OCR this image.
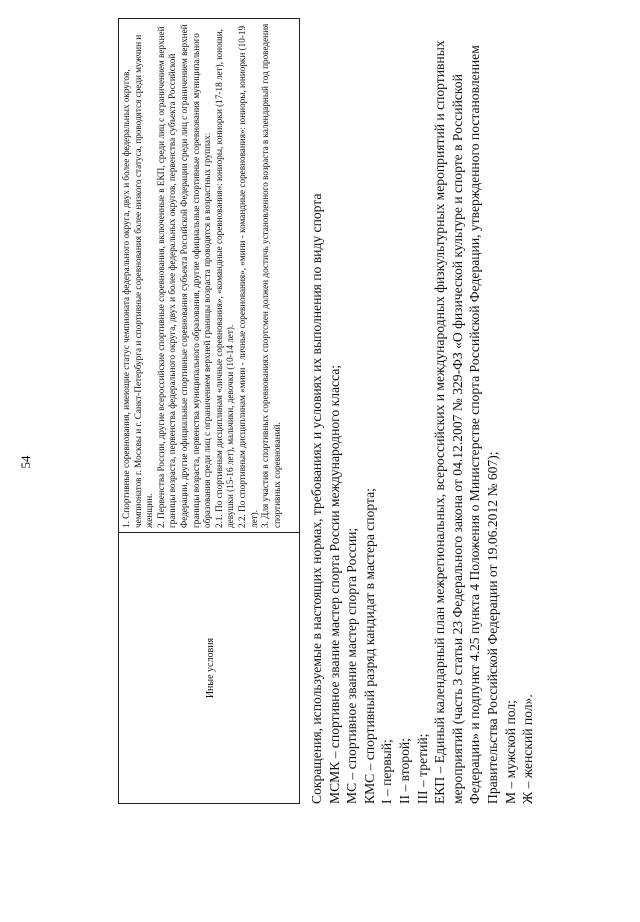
54
Иные условия

1. Спортивные соревнования, имеющие статус чемпионата федерального округа, двух и более федеральных округов, чемпионатов г. Москвы и г. Санкт-Петербурга и спортивные соревнования более низкого статуса, проводятся среди мужчин и женщин. 2. Первенства России, другие всероссийские спортивные соревнования, включенные в ЕКП, среди лиц с ограничением верхней границы возраста, первенства федерального округа, двух и более федеральных округов, первенства субъекта Российской Федерации, другие официальные спортивные соревнования субъекта Российской Федерации среди лиц с ограничением верхней границы возраста, первенства муниципального образования, другие официальные спортивные соревнования муниципального образования среди лиц с ограничением верхней границы возраста проводятся в возрастных группах: 2.1. По спортивным дисциплинам «личные соревнования», «командные соревнования»: юниоры, юниорки (17-18 лет), юноши, девушки (15-16 лет), мальчики, девочки (10-14 лет). 2.2. По спортивным дисциплинам «мини - личные соревнования», «мини - командные соревнования»: юниоры, юниорки (10-19 лет). 3. Для участия в спортивных соревнованиях спортсмен должен достичь установленного возраста в календарный год проведения спортивных соревнований. Сокращения, используемые в настоящих нормах, требованиях и условиях их выполнения по виду спорта МСМК – спортивное звание мастер спорта России международного класса; МС – спортивное звание мастер спорта России; КМС – спортивный разряд кандидат в мастера спорта; I – первый; II – второй; III – третий; ЕКП – Единый календарный план межрегиональных, всероссийских и международных физкультурных мероприятий и спортивных мероприятий (часть 3 статьи 23 Федерального закона от 04.12.2007 № 329-ФЗ «О физической культуре и спорте в Российской Федерации» и подпункт 4.25 пункта 4 Положения о Министерстве спорта Российской Федерации, утвержденного постановлением Правительства Российской Федерации от 19.06.2012 № 607); М – мужской пол; Ж – женский пол».
